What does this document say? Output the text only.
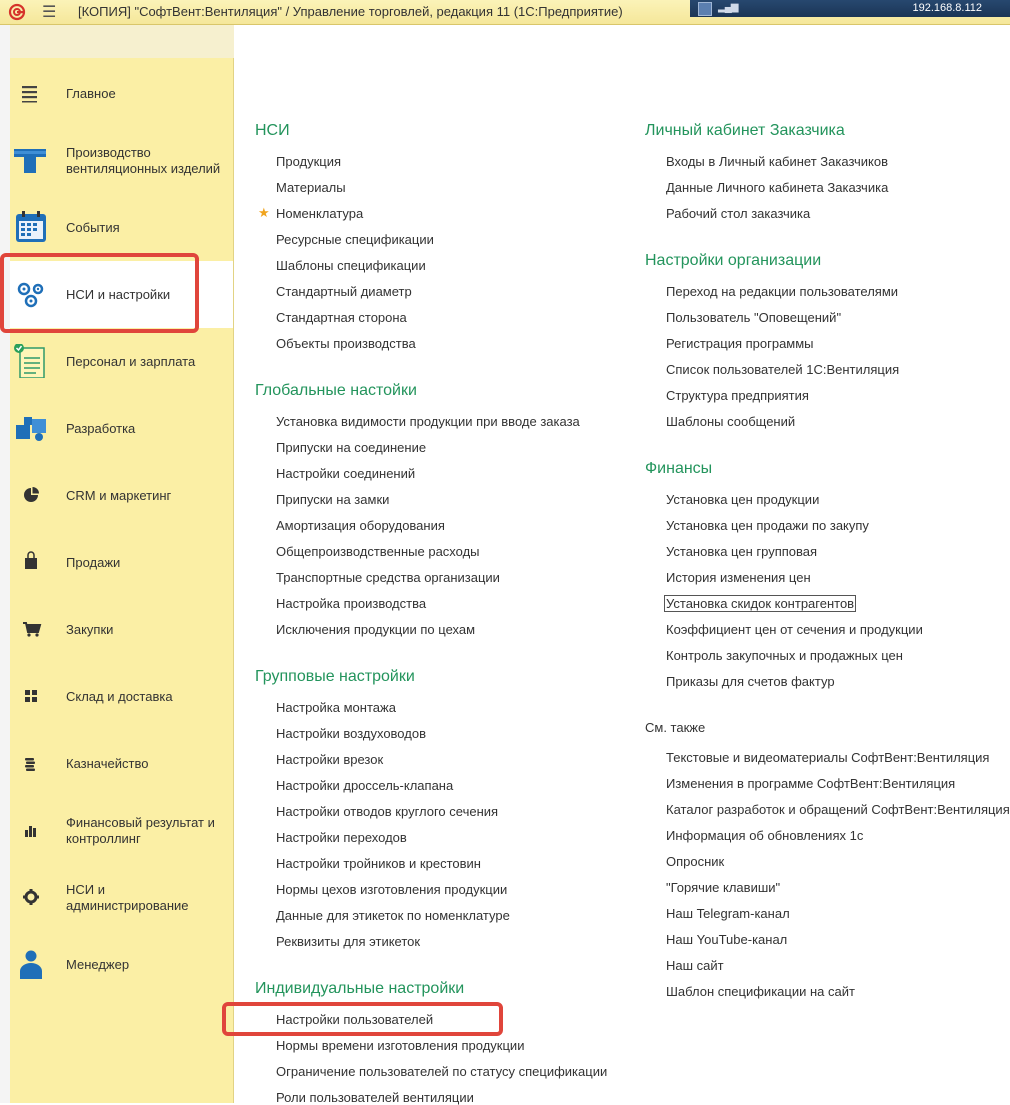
☰ [КОПИЯ] "СофтВент:Вентиляция" / Управление торговлей, редакция 11 (1С:Предприятие)	▂▄▆	192.168.8.112
Главное
Производство вентиляционных изделий
События
НСИ и настройки
Персонал и зарплата
Разработка
CRM и маркетинг
Продажи
Закупки
Склад и доставка
Казначейство
Финансовый результат и контроллинг
НСИ и администрирование
Менеджер
НСИ
Продукция
Материалы
★ Номенклатура
Ресурсные спецификации
Шаблоны спецификации
Стандартный диаметр
Стандартная сторона
Объекты производства
Глобальные настойки
Установка видимости продукции при вводе заказа
Припуски на соединение
Настройки соединений
Припуски на замки
Амортизация оборудования
Общепроизводственные расходы
Транспортные средства организации
Настройка производства
Исключения продукции по цехам
Групповые настройки
Настройка монтажа
Настройки воздуховодов
Настройки врезок
Настройки дроссель-клапана
Настройки отводов круглого сечения
Настройки переходов
Настройки тройников и крестовин
Нормы цехов изготовления продукции
Данные для этикеток по номенклатуре
Реквизиты для этикеток
Индивидуальные настройки
Настройки пользователей
Нормы времени изготовления продукции
Ограничение пользователей по статусу спецификации
Роли пользователей вентиляции
Личный кабинет Заказчика
Входы в Личный кабинет Заказчиков
Данные Личного кабинета Заказчика
Рабочий стол заказчика
Настройки организации
Переход на редакции пользователями
Пользователь "Оповещений"
Регистрация программы
Список пользователей 1С:Вентиляция
Структура предприятия
Шаблоны сообщений
Финансы
Установка цен продукции
Установка цен продажи по закупу
Установка цен групповая
История изменения цен
Установка скидок контрагентов
Коэффициент цен от сечения и продукции
Контроль закупочных и продажных цен
Приказы для счетов фактур
См. также
Текстовые и видеоматериалы СофтВент:Вентиляция
Изменения в программе СофтВент:Вентиляция
Каталог разработок и обращений СофтВент:Вентиляция
Информация об обновлениях 1с
Опросник
"Горячие клавиши"
Наш Telegram-канал
Наш YouTube-канал
Наш сайт
Шаблон спецификации на сайт
